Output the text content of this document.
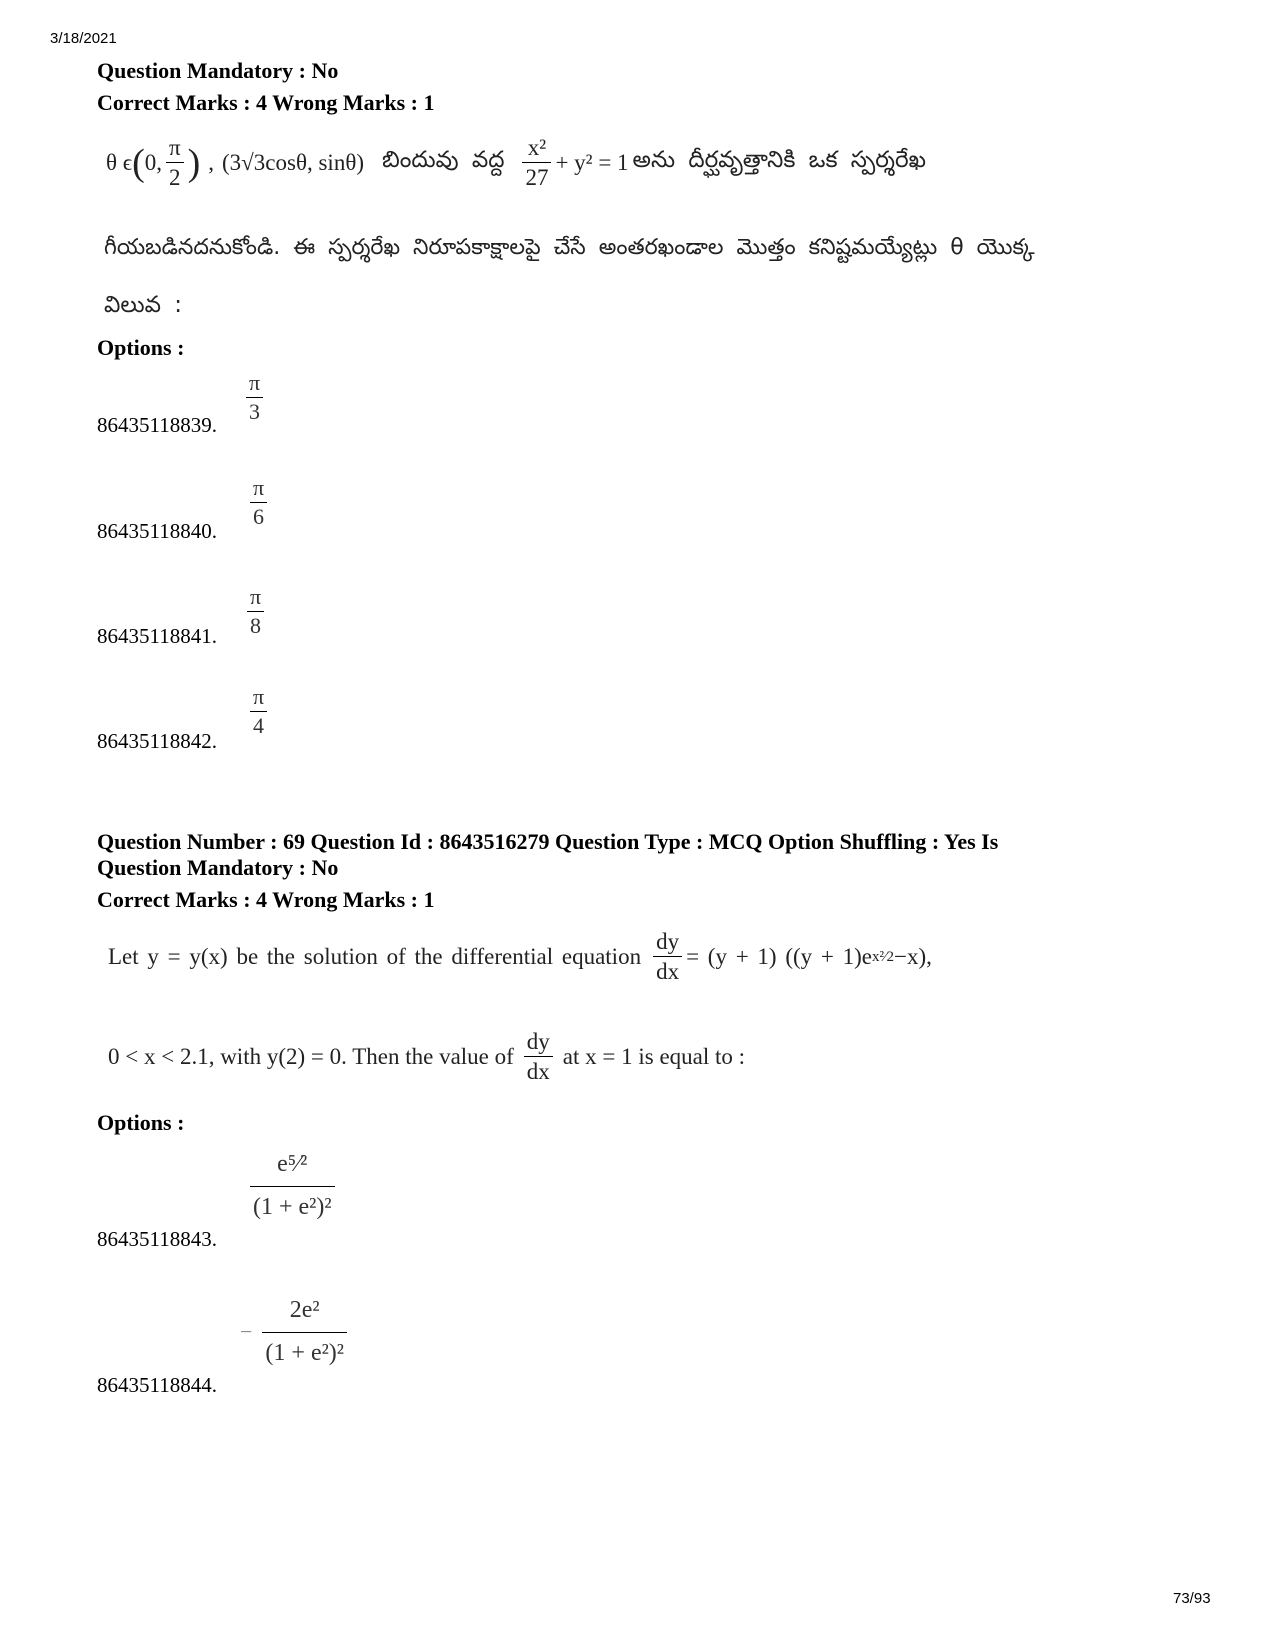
3/18/2021
Question Mandatory : No
Correct Marks : 4 Wrong Marks : 1
θ ϵ ( 0, $\frac{\pi}{2}$ ) , (3√3cosθ, sinθ) బిందువు వద్ద $\frac{\text{x²}}{27} + y^2 = 1$ అను దీర్ఘవృత్తానికి ఒక స్పర్శరేఖ
గీయబడినదనుకోండి. ఈ స్పర్శరేఖ నిరూపకాక్షాలపై చేసే అంతరఖండాల మొత్తం కనిష్టమయ్యేట్లు θ యొక్క
విలువ :
Options :
86435118839.
$\frac{\pi}{3}$
86435118840.
$\frac{\pi}{6}$
86435118841. $\frac{\pi}{8}$
86435118842.
$\frac{\pi}{4}$
Question Number : 69 Question Id : 8643516279 Question Type : MCQ Option Shuffling : Yes Is
Question Mandatory : No
Correct Marks : 4 Wrong Marks : 1
Let y = y(x) be the solution of the differential equation $\frac{dy}{dx} = (y + 1) ((y + 1)e$ x²⁄2 −x),
0 < x < 2.1, with y(2) = 0. Then the value of $\frac{dy}{dx}$ at x = 1 is equal to :
Options :
86435118843.
$\frac{\text{e⁵⁄²}}{\text{(1 + e²)²}}$
86435118844.
− $\frac{\text{2e²}}{\text{(1 + e²)²}}$
73/93
